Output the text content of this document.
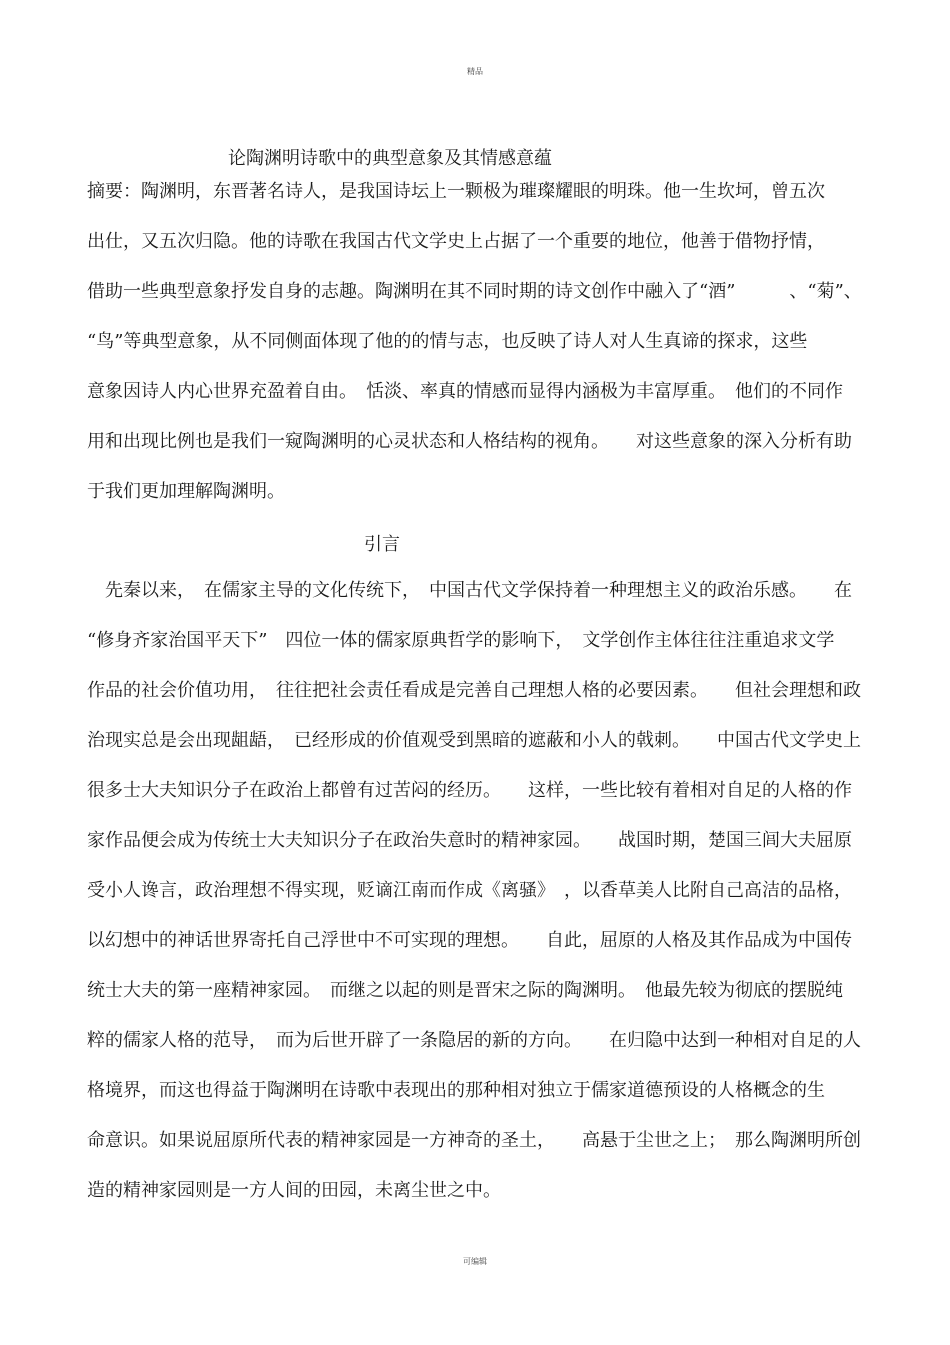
精品
论陶渊明诗歌中的典型意象及其情感意蕴
摘要：陶渊明，东晋著名诗人，是我国诗坛上一颗极为璀璨耀眼的明珠。他一生坎坷，曾五次
出仕，又五次归隐。他的诗歌在我国古代文学史上占据了一个重要的地位，他善于借物抒情，
借助一些典型意象抒发自身的志趣。陶渊明在其不同时期的诗文创作中融入了“酒”　　　、“菊”、
“鸟”等典型意象，从不同侧面体现了他的的情与志，也反映了诗人对人生真谛的探求，这些
意象因诗人内心世界充盈着自由。　恬淡、率真的情感而显得内涵极为丰富厚重。　他们的不同作
用和出现比例也是我们一窥陶渊明的心灵状态和人格结构的视角。　　对这些意象的深入分析有助
于我们更加理解陶渊明。
引言
　先秦以来，　在儒家主导的文化传统下，　中国古代文学保持着一种理想主义的政治乐感。　　在
“修身齐家治国平天下”　四位一体的儒家原典哲学的影响下，　文学创作主体往往注重追求文学
作品的社会价值功用，　往往把社会责任看成是完善自己理想人格的必要因素。　　但社会理想和政
治现实总是会出现龃龉，　已经形成的价值观受到黑暗的遮蔽和小人的戟刺。　　中国古代文学史上
很多士大夫知识分子在政治上都曾有过苦闷的经历。　　这样，一些比较有着相对自足的人格的作
家作品便会成为传统士大夫知识分子在政治失意时的精神家园。　　战国时期，楚国三闾大夫屈原
受小人谗言，政治理想不得实现，贬谪江南而作成《离骚》　，以香草美人比附自己高洁的品格，
以幻想中的神话世界寄托自己浮世中不可实现的理想。　　自此，屈原的人格及其作品成为中国传
统士大夫的第一座精神家园。　而继之以起的则是晋宋之际的陶渊明。　他最先较为彻底的摆脱纯
粹的儒家人格的范导，　而为后世开辟了一条隐居的新的方向。　　在归隐中达到一种相对自足的人
格境界，而这也得益于陶渊明在诗歌中表现出的那种相对独立于儒家道德预设的人格概念的生
命意识。如果说屈原所代表的精神家园是一方神奇的圣土，　　高悬于尘世之上；　那么陶渊明所创
造的精神家园则是一方人间的田园，未离尘世之中。
可编辑
